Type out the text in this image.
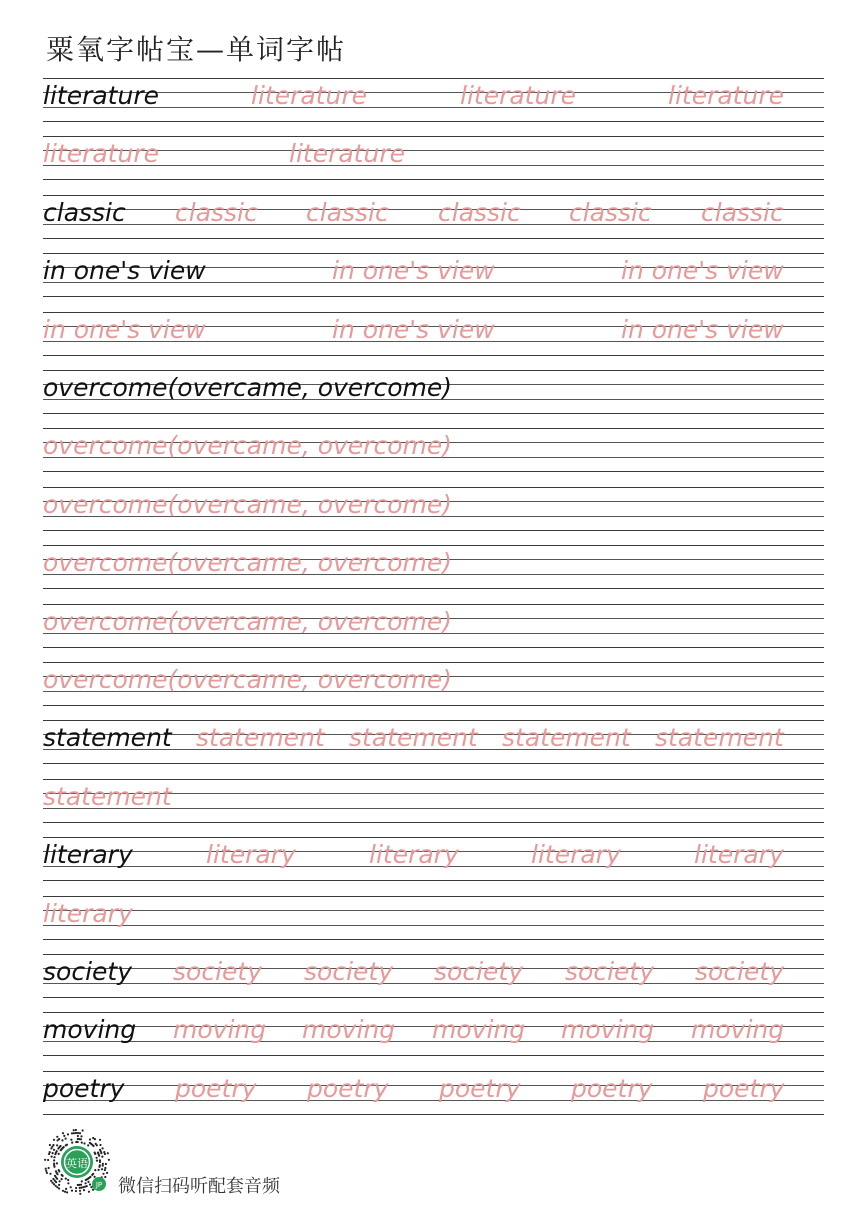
粟氧字帖宝—单词字帖
literature	literature	literature	literature
literature	literature
classic classic classic classic classic classic
in one's view	in one's view	in one's view
in one's view	in one's view	in one's view
overcome(overcame, overcome)
overcome(overcame, overcome)
overcome(overcame, overcome)
overcome(overcame, overcome)
overcome(overcame, overcome)
overcome(overcame, overcome)
statement statement statement statement statement
statement
literary	literary	literary	literary	literary
literary
society society society society society society
moving moving moving moving moving moving
poetry poetry poetry poetry poetry poetry
英语
JP 微信扫码听配套音频
